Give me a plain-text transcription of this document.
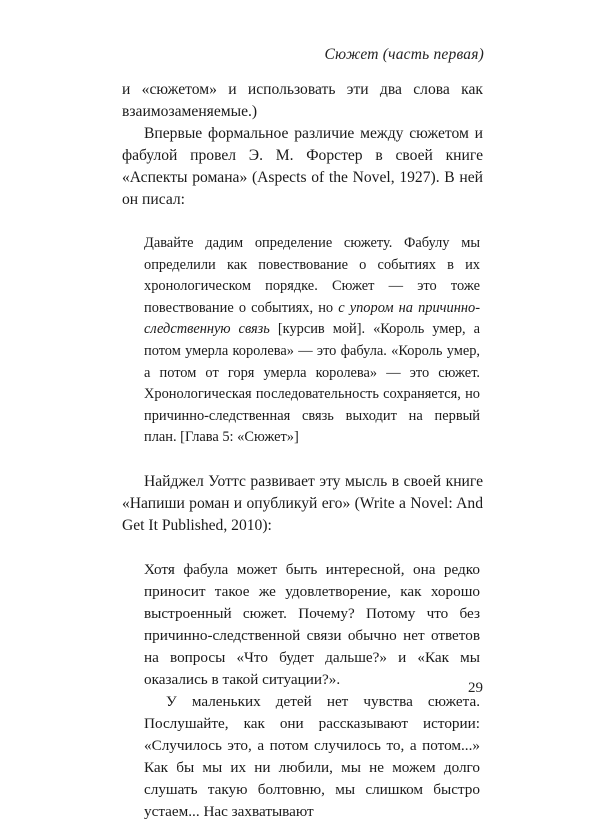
Сюжет (часть первая)

и «сюжетом» и использовать эти два слова как взаимозаменяемые.)

Впервые формальное различие между сюжетом и фабулой провел Э. М. Форстер в своей книге «Аспекты романа» (Aspects of the Novel, 1927). В ней он писал:

Давайте дадим определение сюжету. Фабулу мы определили как повествование о событиях в их хронологическом порядке. Сюжет — это тоже повествование о событиях, но с упором на причинно-следственную связь [курсив мой]. «Король умер, а потом умерла королева» — это фабула. «Король умер, а потом от горя умерла королева» — это сюжет. Хронологическая последовательность сохраняется, но причинно-следственная связь выходит на первый план. [Глава 5: «Сюжет»]

Найджел Уоттс развивает эту мысль в своей книге «Напиши роман и опубликуй его» (Write a Novel: And Get It Published, 2010):

Хотя фабула может быть интересной, она редко приносит такое же удовлетворение, как хорошо выстроенный сюжет. Почему? Потому что без причинно-следственной связи обычно нет ответов на вопросы «Что будет дальше?» и «Как мы оказались в такой ситуации?».

У маленьких детей нет чувства сюжета. Послушайте, как они рассказывают истории: «Случилось это, а потом случилось то, а потом...» Как бы мы их ни любили, мы не можем долго слушать такую болтовню, мы слишком быстро устаем... Нас захватывают

29
